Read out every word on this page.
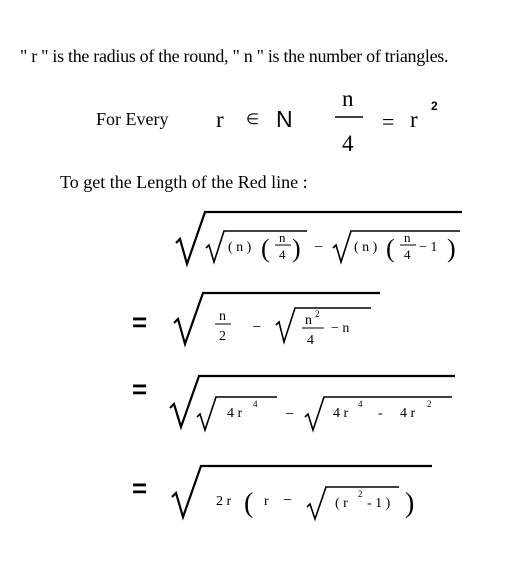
" r " is the radius of the round, " n " is the number of triangles.
For Every
To get the Length of the Red line :
r ∈ N
n
4
= r
2
( n ) ( n
4 ) − ( n ) ( n
4 − 1 )
=	n
2
−	n 2
4
− n
=
4 r
4
−	4 r
4
- 4 r
2
=	2 r ( r −	( r
2
- 1 ) )
